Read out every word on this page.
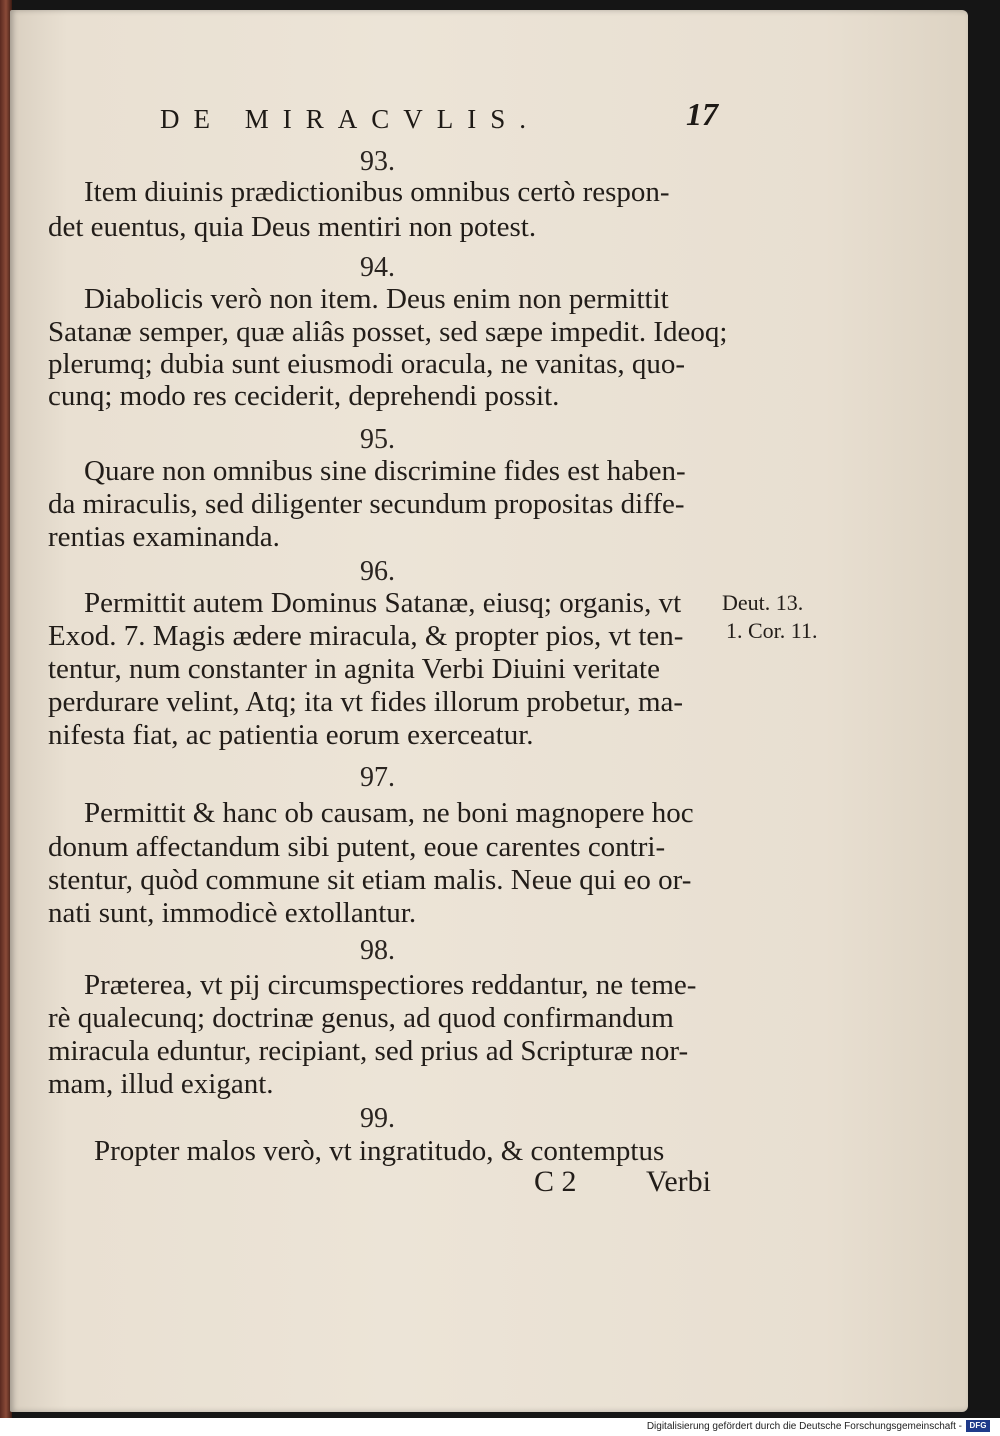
DE MIRACVLIS.	17
93.
Item diuinis prædictionibus omnibus certò respon-
det euentus, quia Deus mentiri non potest.
94.
Diabolicis verò non item. Deus enim non permittit
Satanæ semper, quæ aliâs posset, sed sæpe impedit. Ideoq;
plerumq; dubia sunt eiusmodi oracula, ne vanitas, quo-
cunq; modo res ceciderit, deprehendi possit.
95.
Quare non omnibus sine discrimine fides est haben-
da miraculis, sed diligenter secundum propositas diffe-
rentias examinanda.
96.
Permittit autem Dominus Satanæ, eiusq; organis, vt
Exod. 7. Magis ædere miracula, & propter pios, vt ten-
tentur, num constanter in agnita Verbi Diuini veritate
perdurare velint, Atq; ita vt fides illorum probetur, ma-
nifesta fiat, ac patientia eorum exerceatur.
Deut. 13.
1. Cor. 11.
97.
Permittit & hanc ob causam, ne boni magnopere hoc
donum affectandum sibi putent, eoue carentes contri-
stentur, quòd commune sit etiam malis. Neue qui eo or-
nati sunt, immodicè extollantur.
98.
Præterea, vt pij circumspectiores reddantur, ne teme-
rè qualecunq; doctrinæ genus, ad quod confirmandum
miracula eduntur, recipiant, sed prius ad Scripturæ nor-
mam, illud exigant.
99.
Propter malos verò, vt ingratitudo, & contemptus
C 2 Verbi
Digitalisierung gefördert durch die Deutsche Forschungsgemeinschaft - DFG
